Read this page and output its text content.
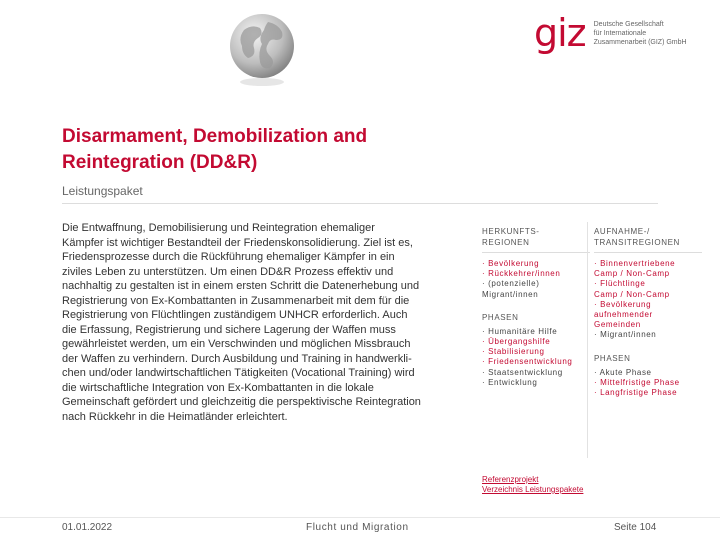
giz Deutsche Gesellschaft
für Internationale
Zusammenarbeit (GIZ) GmbH
Disarmament, Demobilization and
Reintegration (DD&R)
Leistungspaket
Die Entwaffnung, Demobilisierung und Reintegration ehemaliger
Kämpfer ist wichtiger Bestandteil der Friedenskonsolidierung. Ziel ist es,
Friedensprozesse durch die Rückführung ehemaliger Kämpfer in ein
ziviles Leben zu unterstützen. Um einen DD&R Prozess effektiv und
nachhaltig zu gestalten ist in einem ersten Schritt die Datenerhebung und
Registrierung von Ex-Kombattanten in Zusammenarbeit mit dem für die
Registrierung von Flüchtlingen zuständigem UNHCR erforderlich. Auch
die Erfassung, Registrierung und sichere Lagerung der Waffen muss
gewährleistet werden, um ein Verschwinden und möglichen Missbrauch
der Waffen zu verhindern. Durch Ausbildung und Training in handwerkli-
chen und/oder landwirtschaftlichen Tätigkeiten (Vocational Training) wird
die wirtschaftliche Integration von Ex-Kombattanten in die lokale
Gemeinschaft gefördert und gleichzeitig die perspektivische Reintegration
nach Rückkehr in die Heimatländer erleichtert.
HERKUNFTS-
REGIONEN
· Bevölkerung
· Rückkehrer/innen
· (potenzielle)
Migrant/innen
PHASEN
· Humanitäre Hilfe
· Übergangshilfe
· Stabilisierung
· Friedensentwicklung
· Staatsentwicklung
· Entwicklung
AUFNAHME-/
TRANSITREGIONEN
· Binnenvertriebene
Camp / Non-Camp
· Flüchtlinge
Camp / Non-Camp
· Bevölkerung
aufnehmender
Gemeinden
· Migrant/innen
PHASEN
· Akute Phase
· Mittelfristige Phase
· Langfristige Phase
Referenzprojekt
Verzeichnis Leistungspakete
01.01.2022	Flucht und Migration	Seite 104
